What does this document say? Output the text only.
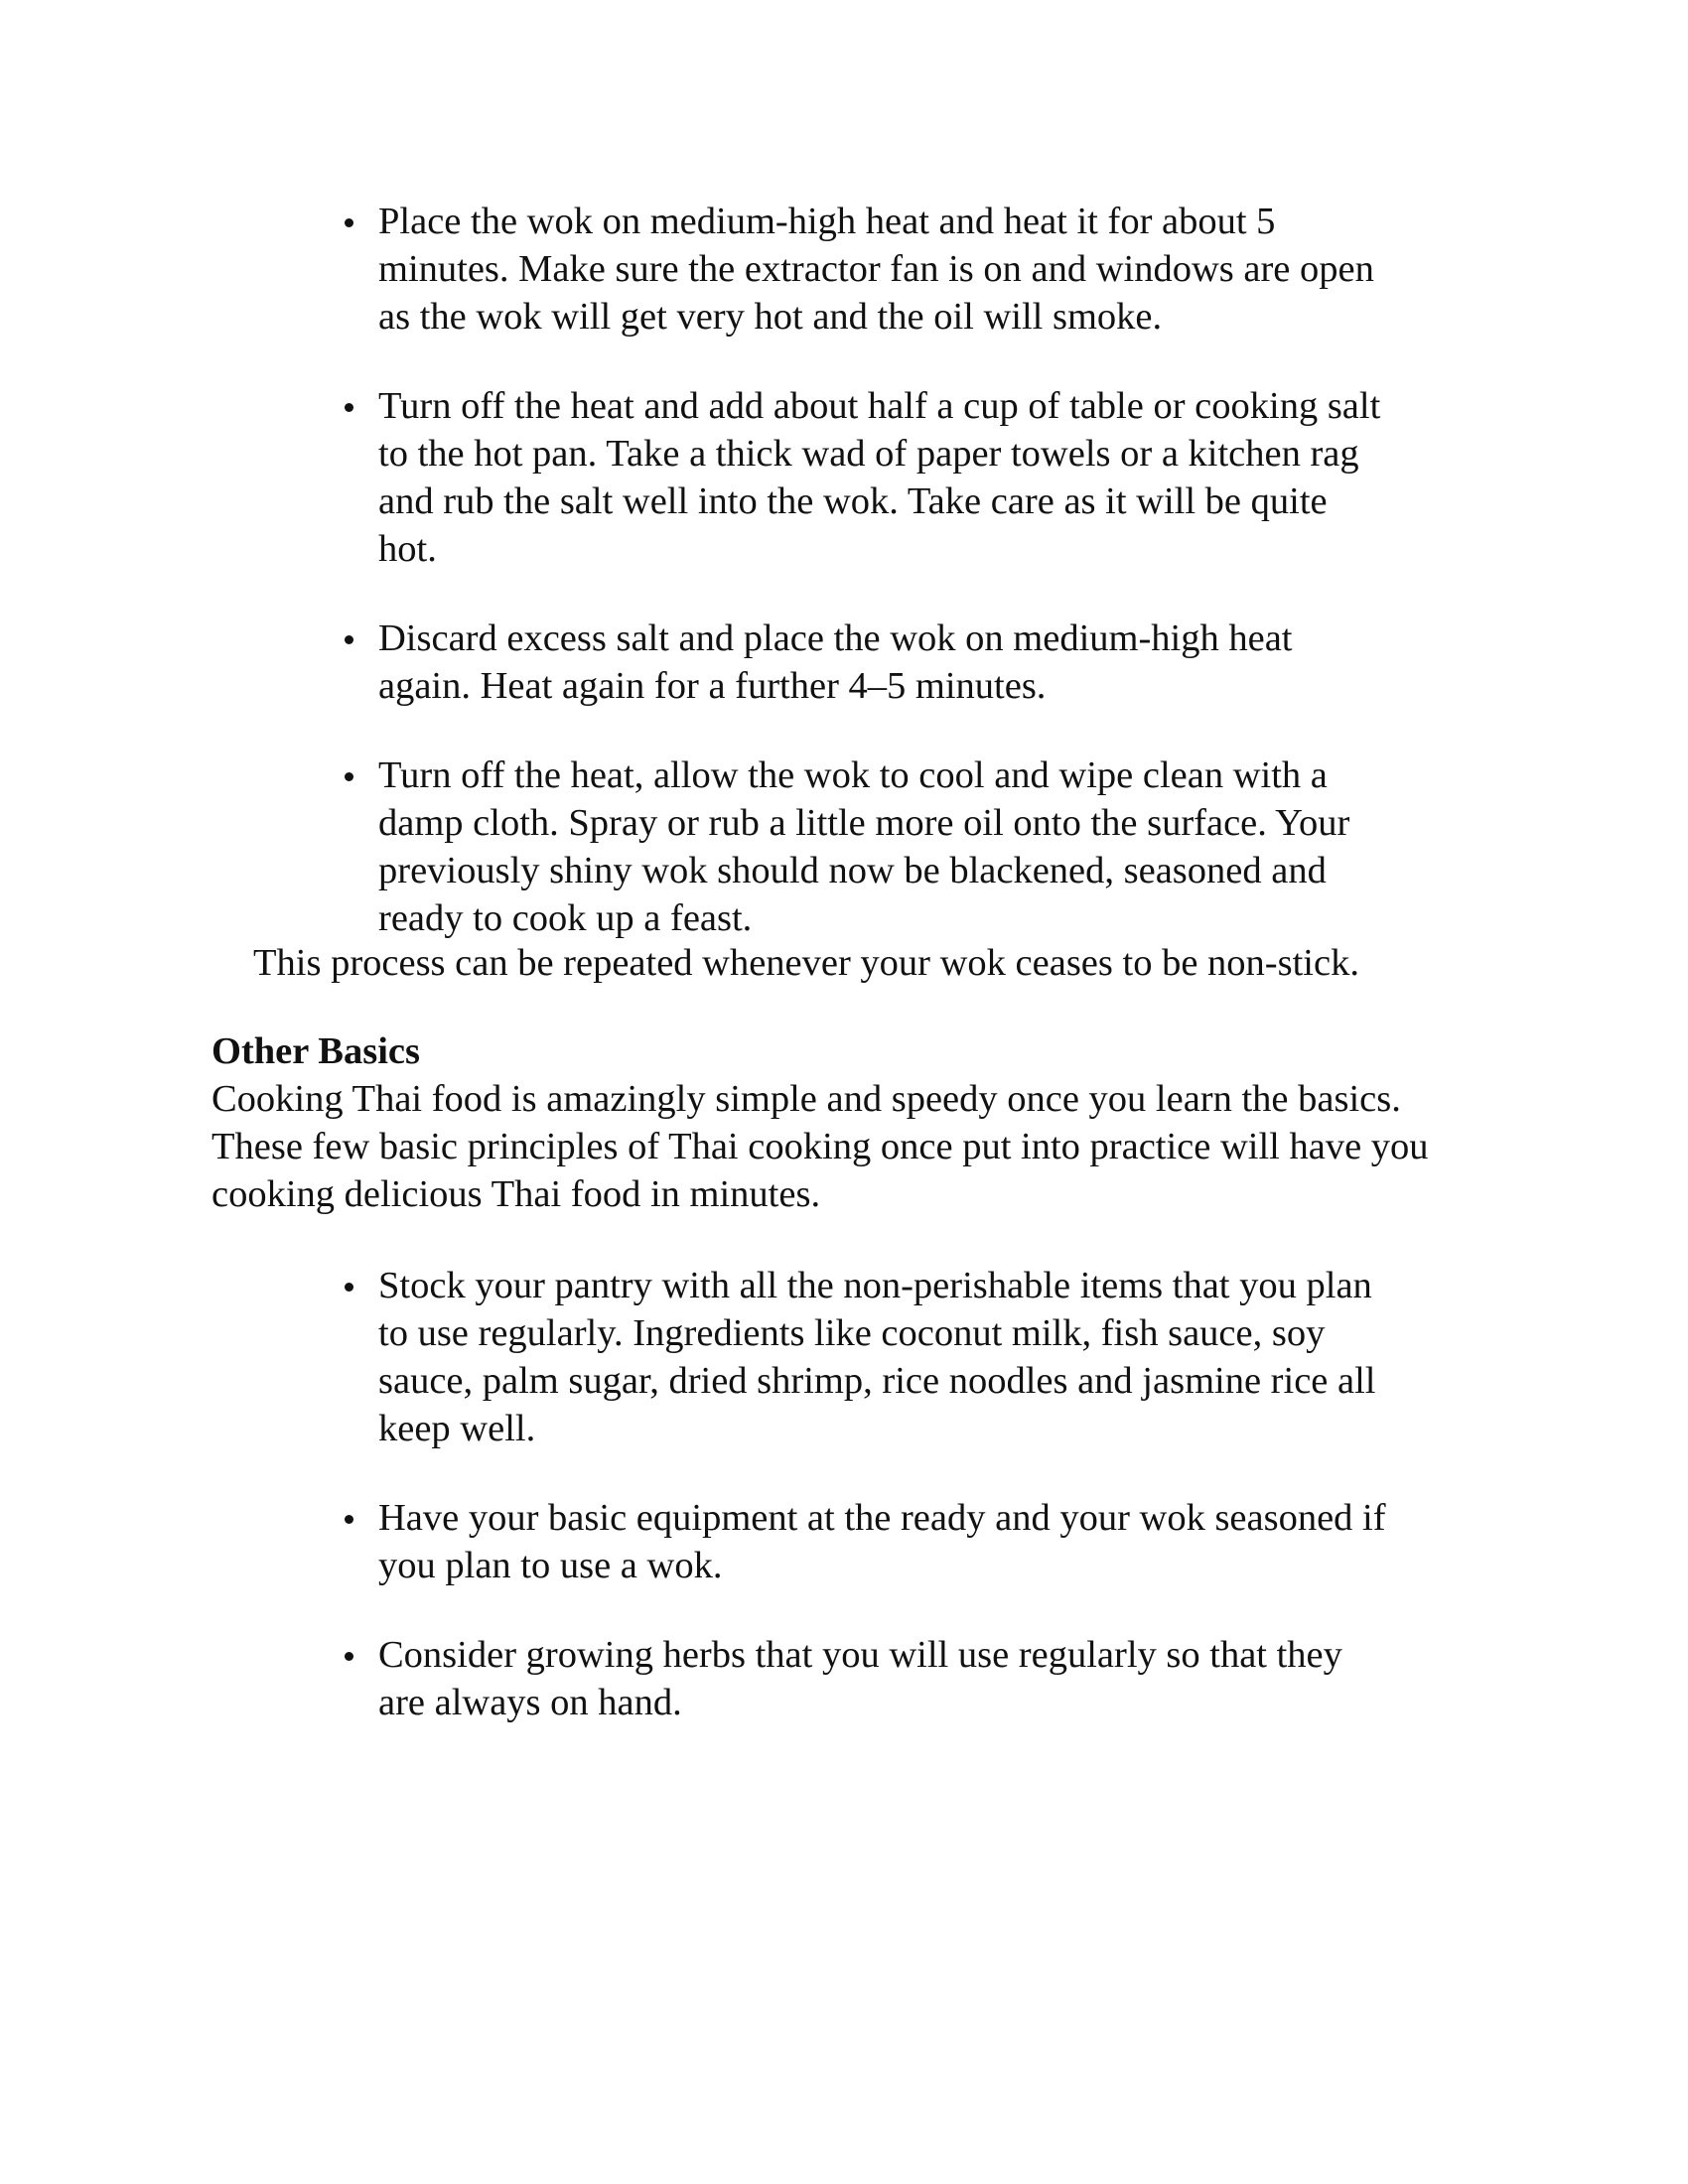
Place the wok on medium-high heat and heat it for about 5 minutes. Make sure the extractor fan is on and windows are open as the wok will get very hot and the oil will smoke.
Turn off the heat and add about half a cup of table or cooking salt to the hot pan. Take a thick wad of paper towels or a kitchen rag and rub the salt well into the wok. Take care as it will be quite hot.
Discard excess salt and place the wok on medium-high heat again. Heat again for a further 4–5 minutes.
Turn off the heat, allow the wok to cool and wipe clean with a damp cloth. Spray or rub a little more oil onto the surface. Your previously shiny wok should now be blackened, seasoned and ready to cook up a feast.
This process can be repeated whenever your wok ceases to be non-stick.
Other Basics
Cooking Thai food is amazingly simple and speedy once you learn the basics. These few basic principles of Thai cooking once put into practice will have you cooking delicious Thai food in minutes.
Stock your pantry with all the non-perishable items that you plan to use regularly. Ingredients like coconut milk, fish sauce, soy sauce, palm sugar, dried shrimp, rice noodles and jasmine rice all keep well.
Have your basic equipment at the ready and your wok seasoned if you plan to use a wok.
Consider growing herbs that you will use regularly so that they are always on hand.
